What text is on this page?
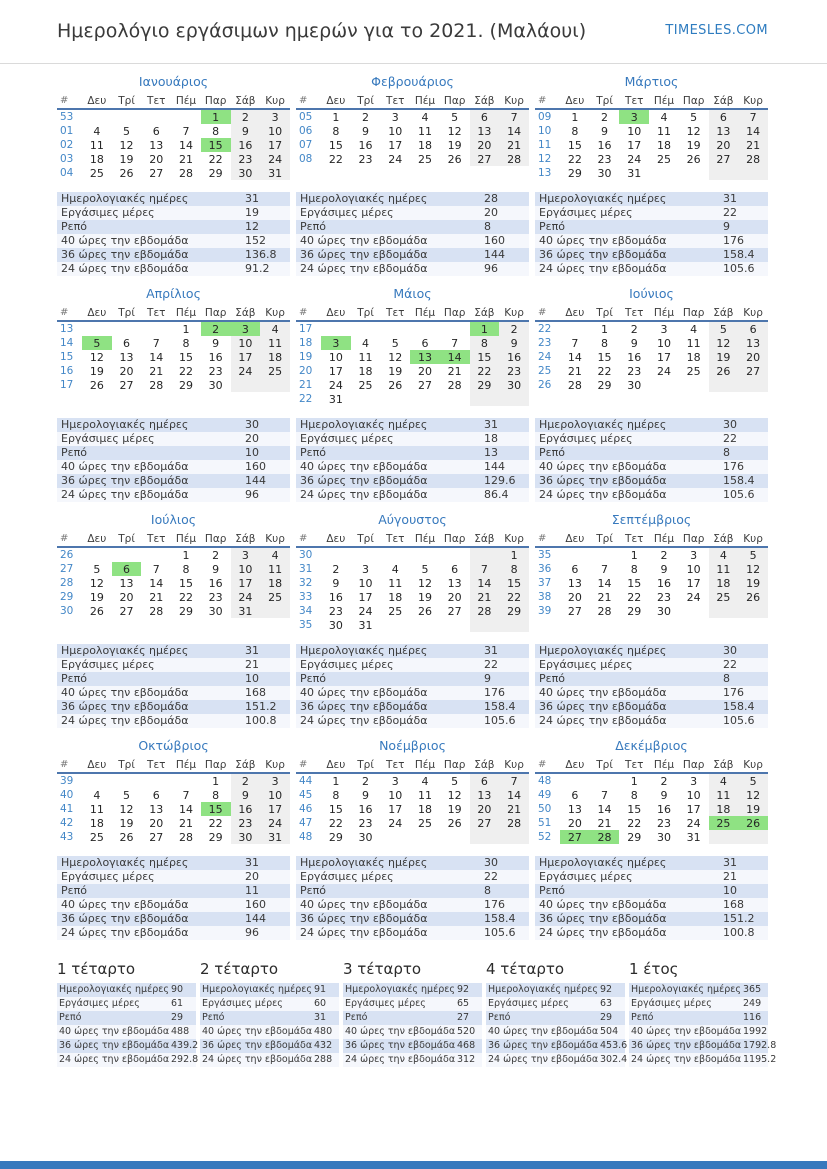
Ημερολόγιο εργάσιμων ημερών για το 2021. (Μαλάουι)	TIMESLES.COM
Ιανουάριος
#	Δευ	Τρί	Τετ	Πέμ	Παρ	Σάβ	Κυρ
53					1	2	3
01	4	5	6	7	8	9	10
02	11	12	13	14	15	16	17
03	18	19	20	21	22	23	24
04	25	26	27	28	29	30	31
Φεβρουάριος
#	Δευ	Τρί	Τετ	Πέμ	Παρ	Σάβ	Κυρ
05	1	2	3	4	5	6	7
06	8	9	10	11	12	13	14
07	15	16	17	18	19	20	21
08	22	23	24	25	26	27	28
Μάρτιος
#	Δευ	Τρί	Τετ	Πέμ	Παρ	Σάβ	Κυρ
09	1	2	3	4	5	6	7
10	8	9	10	11	12	13	14
11	15	16	17	18	19	20	21
12	22	23	24	25	26	27	28
13	29	30	31				
Ημερολογιακές ημέρες	31
Εργάσιμες μέρες	19
Ρεπό	12
40 ώρες την εβδομάδα	152
36 ώρες την εβδομάδα	136.8
24 ώρες την εβδομάδα	91.2
Ημερολογιακές ημέρες	28
Εργάσιμες μέρες	20
Ρεπό	8
40 ώρες την εβδομάδα	160
36 ώρες την εβδομάδα	144
24 ώρες την εβδομάδα	96
Ημερολογιακές ημέρες	31
Εργάσιμες μέρες	22
Ρεπό	9
40 ώρες την εβδομάδα	176
36 ώρες την εβδομάδα	158.4
24 ώρες την εβδομάδα	105.6
Απρίλιος
#	Δευ	Τρί	Τετ	Πέμ	Παρ	Σάβ	Κυρ
13				1	2	3	4
14	5	6	7	8	9	10	11
15	12	13	14	15	16	17	18
16	19	20	21	22	23	24	25
17	26	27	28	29	30		
Μάιος
#	Δευ	Τρί	Τετ	Πέμ	Παρ	Σάβ	Κυρ
17						1	2
18	3	4	5	6	7	8	9
19	10	11	12	13	14	15	16
20	17	18	19	20	21	22	23
21	24	25	26	27	28	29	30
22	31						
Ιούνιος
#	Δευ	Τρί	Τετ	Πέμ	Παρ	Σάβ	Κυρ
22		1	2	3	4	5	6
23	7	8	9	10	11	12	13
24	14	15	16	17	18	19	20
25	21	22	23	24	25	26	27
26	28	29	30				
Ημερολογιακές ημέρες	30
Εργάσιμες μέρες	20
Ρεπό	10
40 ώρες την εβδομάδα	160
36 ώρες την εβδομάδα	144
24 ώρες την εβδομάδα	96
Ημερολογιακές ημέρες	31
Εργάσιμες μέρες	18
Ρεπό	13
40 ώρες την εβδομάδα	144
36 ώρες την εβδομάδα	129.6
24 ώρες την εβδομάδα	86.4
Ημερολογιακές ημέρες	30
Εργάσιμες μέρες	22
Ρεπό	8
40 ώρες την εβδομάδα	176
36 ώρες την εβδομάδα	158.4
24 ώρες την εβδομάδα	105.6
Ιούλιος
#	Δευ	Τρί	Τετ	Πέμ	Παρ	Σάβ	Κυρ
26				1	2	3	4
27	5	6	7	8	9	10	11
28	12	13	14	15	16	17	18
29	19	20	21	22	23	24	25
30	26	27	28	29	30	31	
Αύγουστος
#	Δευ	Τρί	Τετ	Πέμ	Παρ	Σάβ	Κυρ
30							1
31	2	3	4	5	6	7	8
32	9	10	11	12	13	14	15
33	16	17	18	19	20	21	22
34	23	24	25	26	27	28	29
35	30	31					
Σεπτέμβριος
#	Δευ	Τρί	Τετ	Πέμ	Παρ	Σάβ	Κυρ
35			1	2	3	4	5
36	6	7	8	9	10	11	12
37	13	14	15	16	17	18	19
38	20	21	22	23	24	25	26
39	27	28	29	30			
Ημερολογιακές ημέρες	31
Εργάσιμες μέρες	21
Ρεπό	10
40 ώρες την εβδομάδα	168
36 ώρες την εβδομάδα	151.2
24 ώρες την εβδομάδα	100.8
Ημερολογιακές ημέρες	31
Εργάσιμες μέρες	22
Ρεπό	9
40 ώρες την εβδομάδα	176
36 ώρες την εβδομάδα	158.4
24 ώρες την εβδομάδα	105.6
Ημερολογιακές ημέρες	30
Εργάσιμες μέρες	22
Ρεπό	8
40 ώρες την εβδομάδα	176
36 ώρες την εβδομάδα	158.4
24 ώρες την εβδομάδα	105.6
Οκτώβριος
#	Δευ	Τρί	Τετ	Πέμ	Παρ	Σάβ	Κυρ
39					1	2	3
40	4	5	6	7	8	9	10
41	11	12	13	14	15	16	17
42	18	19	20	21	22	23	24
43	25	26	27	28	29	30	31
Νοέμβριος
#	Δευ	Τρί	Τετ	Πέμ	Παρ	Σάβ	Κυρ
44	1	2	3	4	5	6	7
45	8	9	10	11	12	13	14
46	15	16	17	18	19	20	21
47	22	23	24	25	26	27	28
48	29	30					
Δεκέμβριος
#	Δευ	Τρί	Τετ	Πέμ	Παρ	Σάβ	Κυρ
48			1	2	3	4	5
49	6	7	8	9	10	11	12
50	13	14	15	16	17	18	19
51	20	21	22	23	24	25	26
52	27	28	29	30	31		
Ημερολογιακές ημέρες	31
Εργάσιμες μέρες	20
Ρεπό	11
40 ώρες την εβδομάδα	160
36 ώρες την εβδομάδα	144
24 ώρες την εβδομάδα	96
Ημερολογιακές ημέρες	30
Εργάσιμες μέρες	22
Ρεπό	8
40 ώρες την εβδομάδα	176
36 ώρες την εβδομάδα	158.4
24 ώρες την εβδομάδα	105.6
Ημερολογιακές ημέρες	31
Εργάσιμες μέρες	21
Ρεπό	10
40 ώρες την εβδομάδα	168
36 ώρες την εβδομάδα	151.2
24 ώρες την εβδομάδα	100.8
1 τέταρτο
Ημερολογιακές ημέρες 90
Εργάσιμες μέρες	61
Ρεπό	29
40 ώρες την εβδομάδα 488
36 ώρες την εβδομάδα 439.2
24 ώρες την εβδομάδα 292.8
2 τέταρτο
Ημερολογιακές ημέρες 91
Εργάσιμες μέρες	60
Ρεπό	31
40 ώρες την εβδομάδα 480
36 ώρες την εβδομάδα 432
24 ώρες την εβδομάδα 288
3 τέταρτο
Ημερολογιακές ημέρες 92
Εργάσιμες μέρες	65
Ρεπό	27
40 ώρες την εβδομάδα 520
36 ώρες την εβδομάδα 468
24 ώρες την εβδομάδα 312
4 τέταρτο
Ημερολογιακές ημέρες 92
Εργάσιμες μέρες	63
Ρεπό	29
40 ώρες την εβδομάδα 504
36 ώρες την εβδομάδα 453.6
24 ώρες την εβδομάδα 302.4
1 έτος
Ημερολογιακές ημέρες 365
Εργάσιμες μέρες	249
Ρεπό	116
40 ώρες την εβδομάδα 1992
36 ώρες την εβδομάδα 1792.8
24 ώρες την εβδομάδα 1195.2
